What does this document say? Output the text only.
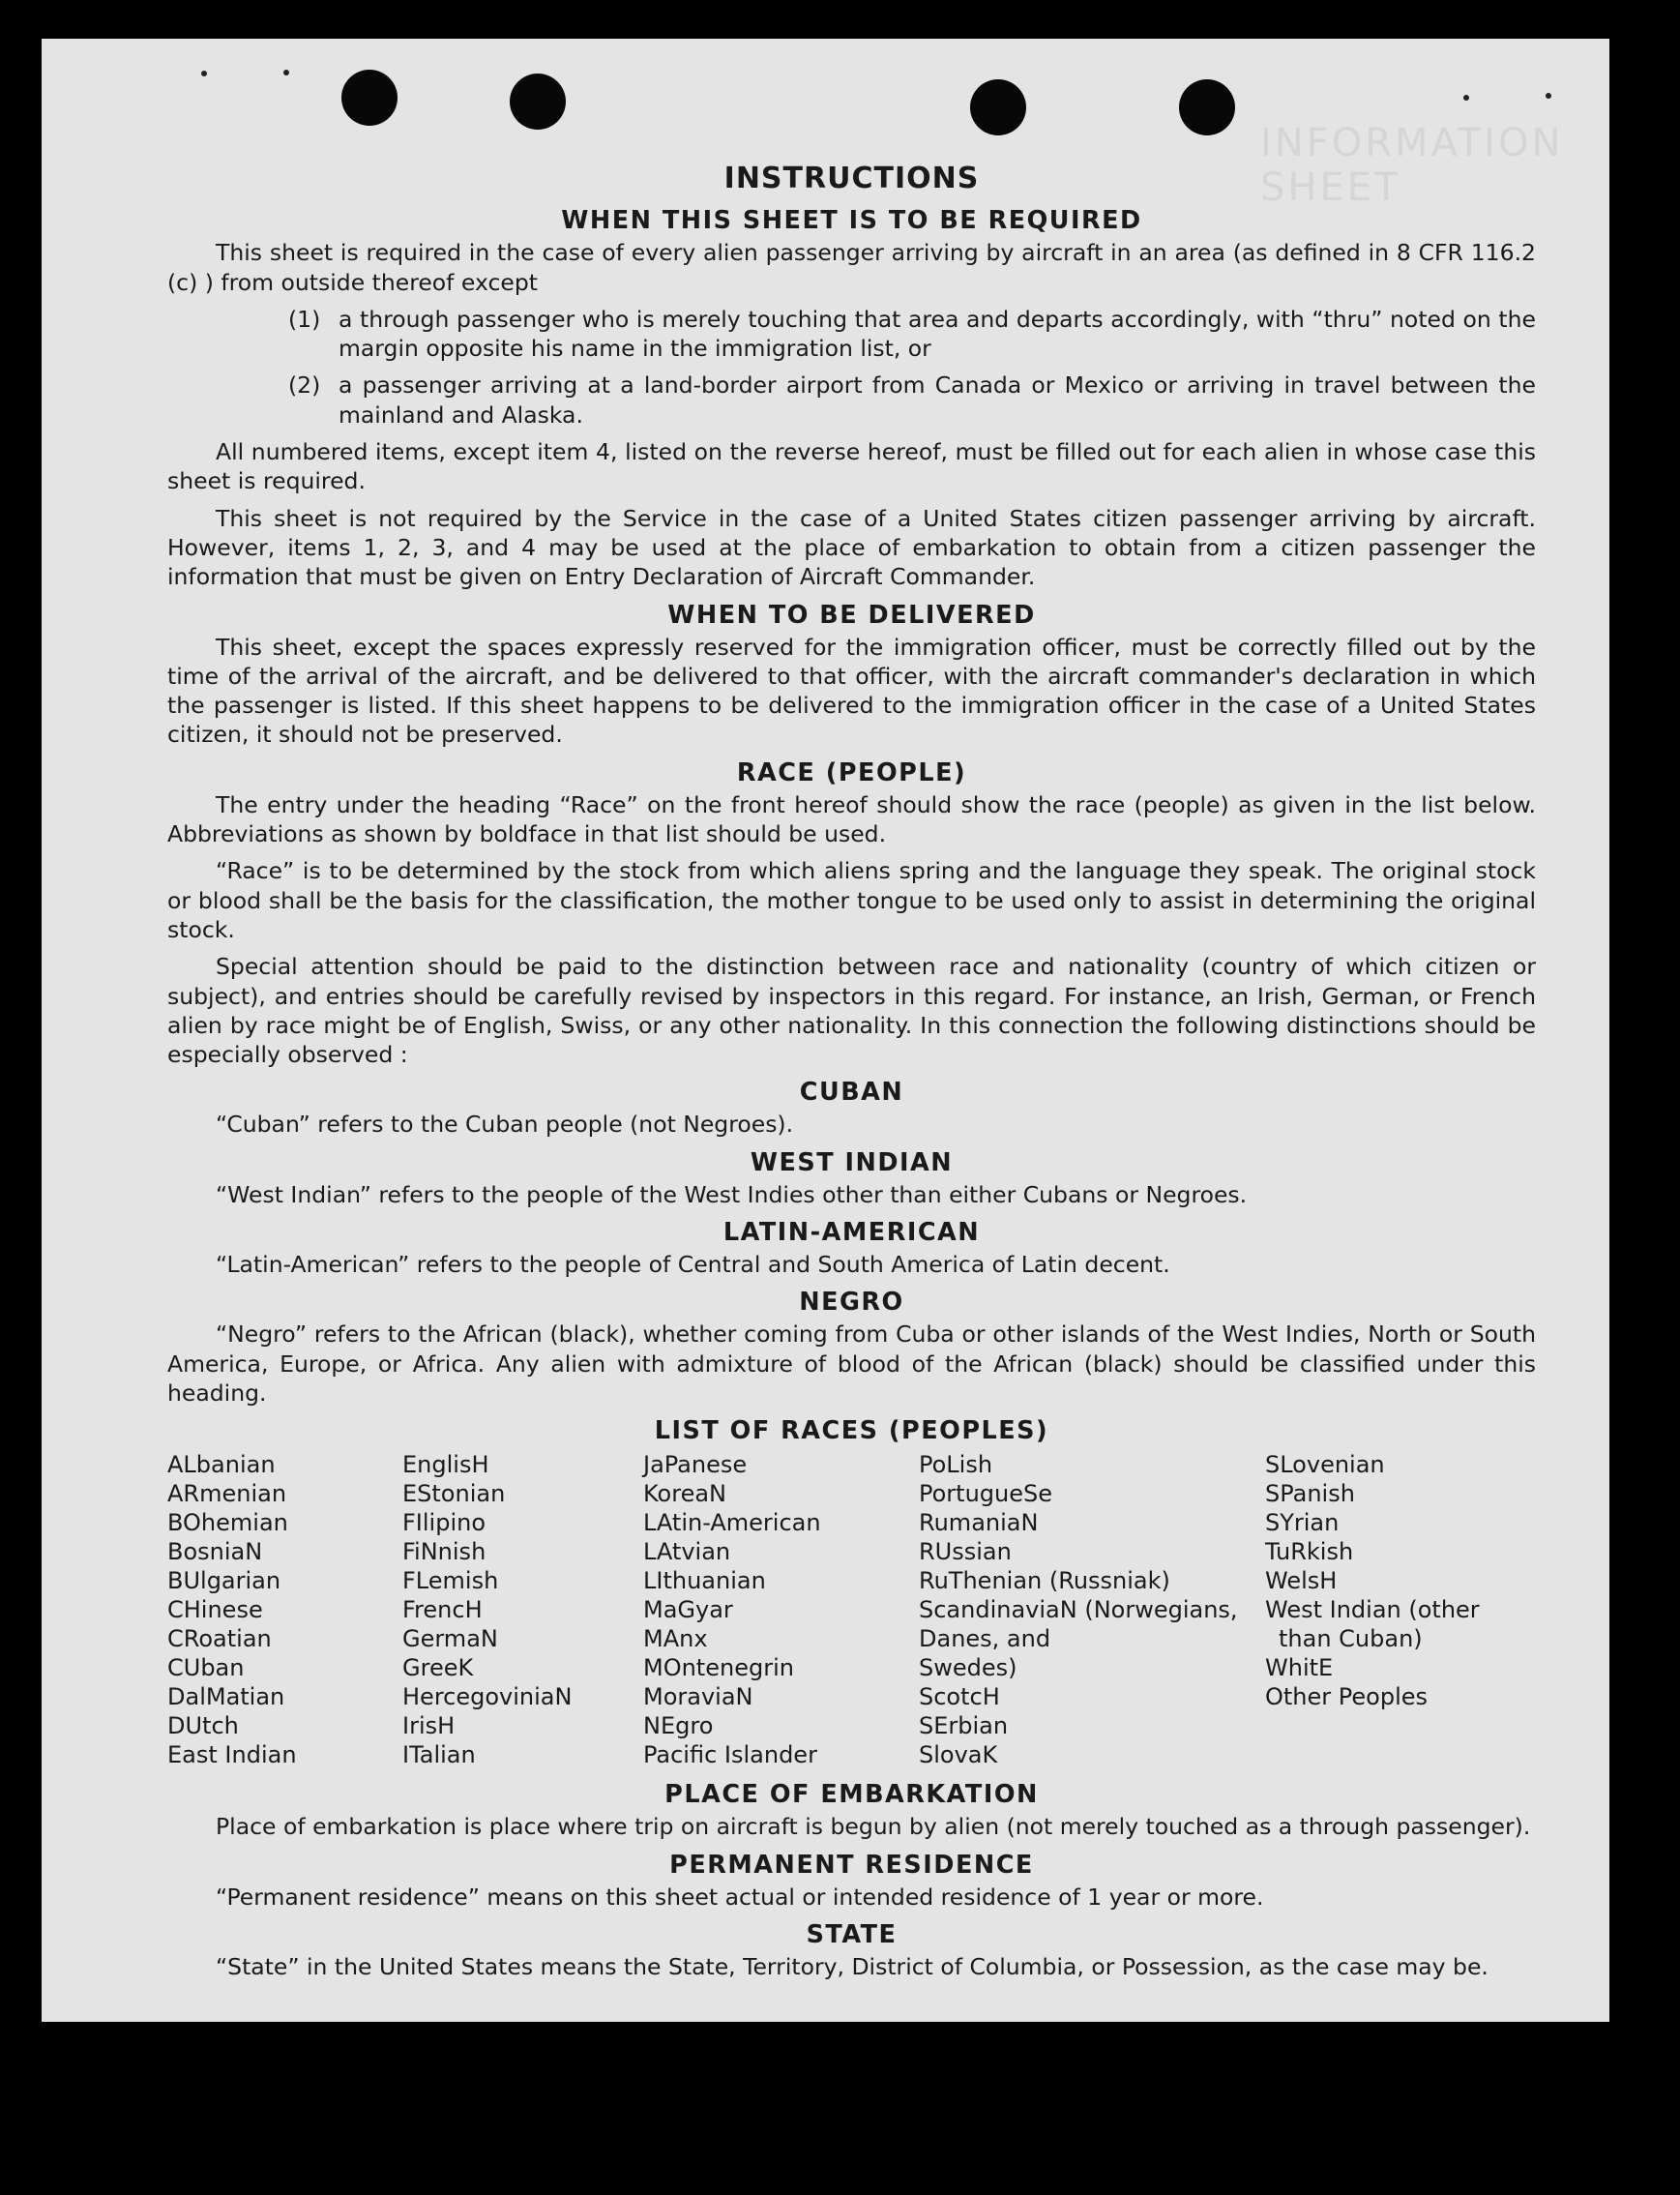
INFORMATION SHEET
INSTRUCTIONS
WHEN THIS SHEET IS TO BE REQUIRED

This sheet is required in the case of every alien passenger arriving by aircraft in an area (as defined in 8 CFR 116.2 (c) ) from outside thereof except

(1) a through passenger who is merely touching that area and departs accordingly, with “thru” noted on the margin opposite his name in the immigration list, or
(2) a passenger arriving at a land-border airport from Canada or Mexico or arriving in travel between the mainland and Alaska.

All numbered items, except item 4, listed on the reverse hereof, must be filled out for each alien in whose case this sheet is required.

This sheet is not required by the Service in the case of a United States citizen passenger arriving by aircraft. However, items 1, 2, 3, and 4 may be used at the place of embarkation to obtain from a citizen passenger the information that must be given on Entry Declaration of Aircraft Commander.

WHEN TO BE DELIVERED

This sheet, except the spaces expressly reserved for the immigration officer, must be correctly filled out by the time of the arrival of the aircraft, and be delivered to that officer, with the aircraft commander's declaration in which the passenger is listed. If this sheet happens to be delivered to the immigration officer in the case of a United States citizen, it should not be preserved.

RACE (PEOPLE)

The entry under the heading “Race” on the front hereof should show the race (people) as given in the list below. Abbreviations as shown by boldface in that list should be used.

“Race” is to be determined by the stock from which aliens spring and the language they speak. The original stock or blood shall be the basis for the classification, the mother tongue to be used only to assist in determining the original stock.

Special attention should be paid to the distinction between race and nationality (country of which citizen or subject), and entries should be carefully revised by inspectors in this regard. For instance, an Irish, German, or French alien by race might be of English, Swiss, or any other nationality. In this connection the following distinctions should be especially observed :

CUBAN

“Cuban” refers to the Cuban people (not Negroes).

WEST INDIAN

“West Indian” refers to the people of the West Indies other than either Cubans or Negroes.

LATIN-AMERICAN

“Latin-American” refers to the people of Central and South America of Latin decent.

NEGRO

“Negro” refers to the African (black), whether coming from Cuba or other islands of the West Indies, North or South America, Europe, or Africa. Any alien with admixture of blood of the African (black) should be classified under this heading.

LIST OF RACES (PEOPLES)
ALbanian
ARmenian
BOhemian
BosniaN
BUlgarian
CHinese
CRoatian
CUban
DalMatian
DUtch
East Indian
EnglisH
EStonian
FIlipino
FiNnish
FLemish
FrencH
GermaN
GreeK
HercegoviniaN
IrisH
ITalian
JaPanese
KoreaN
LAtin-American
LAtvian
LIthuanian
MaGyar
MAnx
MOntenegrin
MoraviaN
NEgro
Pacific Islander
PoLish
PortugueSe
RumaniaN
RUssian
RuThenian (Russniak)
ScandinaviaN (Norwegians,
Danes, and
Swedes)
ScotcH
SErbian
SlovaK
SLovenian
SPanish
SYrian
TuRkish
WelsH
West Indian (other
than Cuban)
WhitE
Other Peoples
PLACE OF EMBARKATION

Place of embarkation is place where trip on aircraft is begun by alien (not merely touched as a through passenger).

PERMANENT RESIDENCE

“Permanent residence” means on this sheet actual or intended residence of 1 year or more.

STATE

“State” in the United States means the State, Territory, District of Columbia, or Possession, as the case may be.
